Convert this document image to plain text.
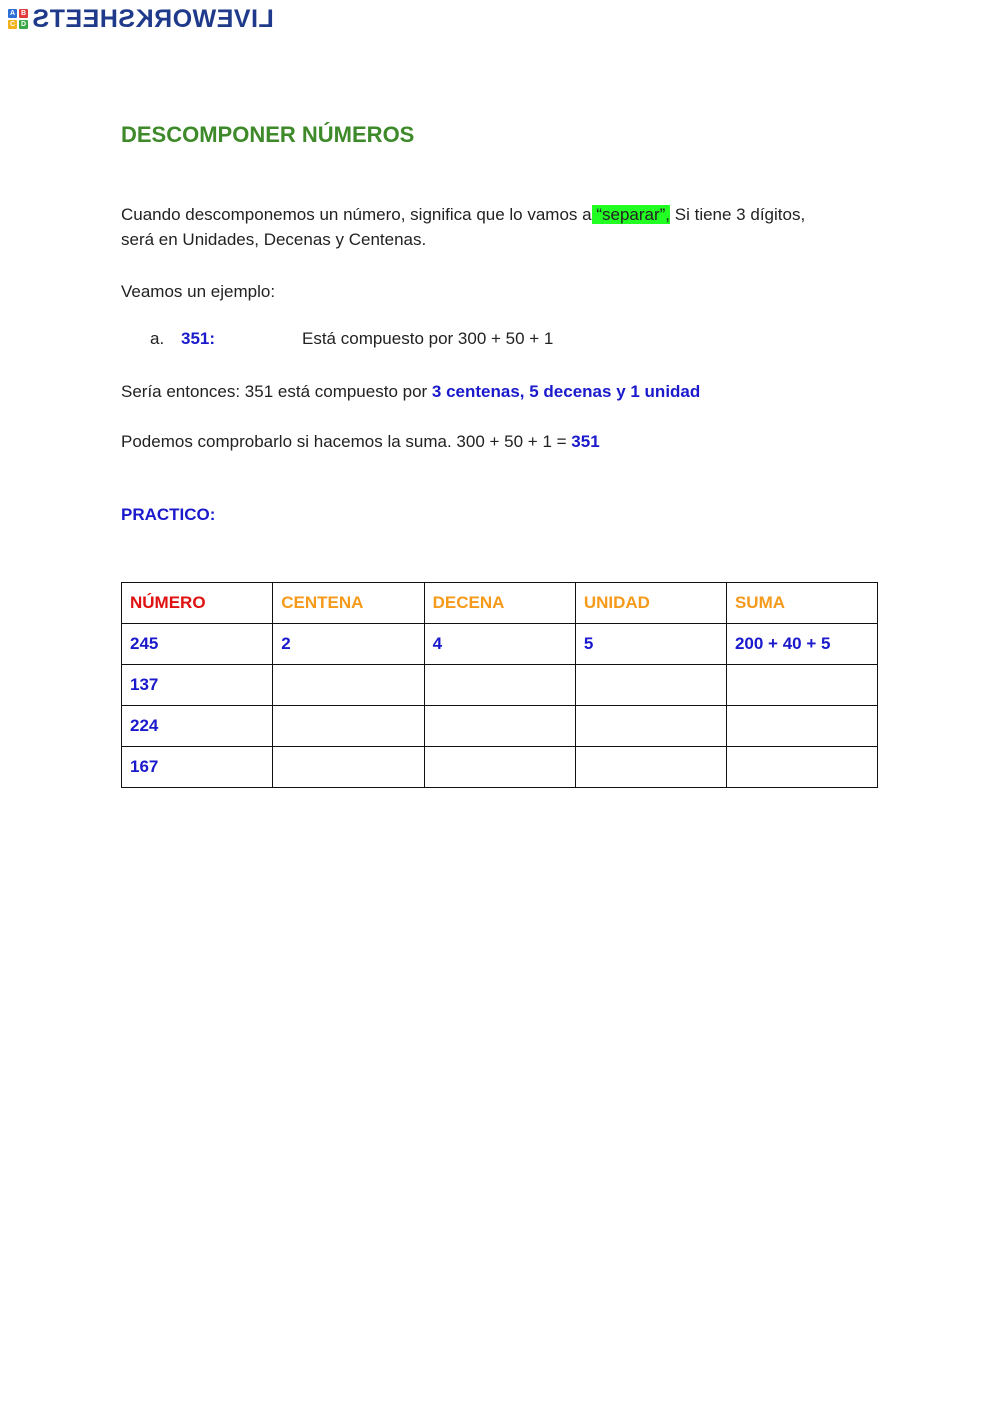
A B
C D LIVEWORKSHEETS
DESCOMPONER NÚMEROS

Cuando descomponemos un número, significa que lo vamos a “separar”, Si tiene 3 dígitos,
será en Unidades, Decenas y Centenas.

Veamos un ejemplo:

a. 351:	Está compuesto por 300 + 50 + 1

Sería entonces: 351 está compuesto por 3 centenas, 5 decenas y 1 unidad

Podemos comprobarlo si hacemos la suma. 300 + 50 + 1 = 351

PRACTICO:

NÚMERO	CENTENA	DECENA	UNIDAD	SUMA
245	2	4	5	200 + 40 + 5
137				
224				
167				
